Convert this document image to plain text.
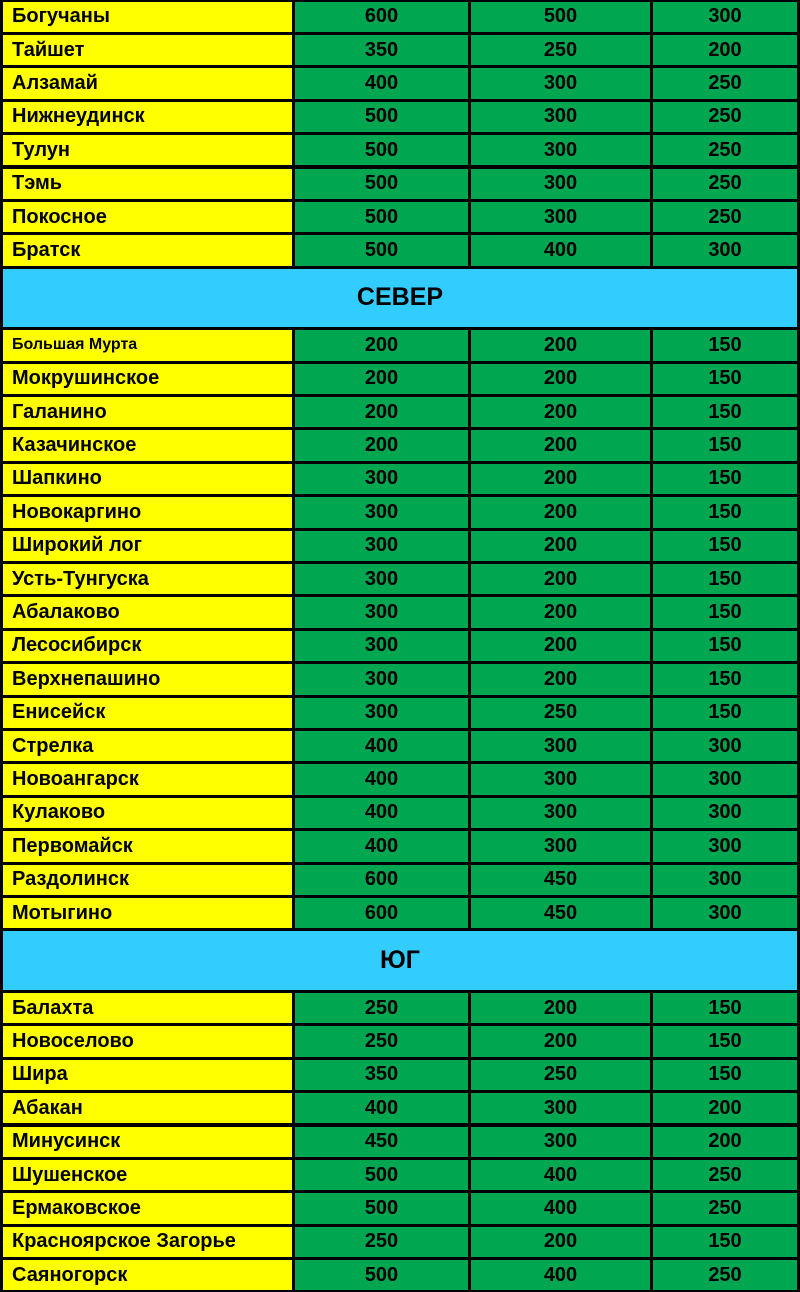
Богучаны	600	500	300
Тайшет	350	250	200
Алзамай	400	300	250
Нижнеудинск	500	300	250
Тулун	500	300	250
Тэмь	500	300	250
Покосное	500	300	250
Братск	500	400	300
СЕВЕР
Большая Мурта	200	200	150
Мокрушинское	200	200	150
Галанино	200	200	150
Казачинское	200	200	150
Шапкино	300	200	150
Новокаргино	300	200	150
Широкий лог	300	200	150
Усть-Тунгуска	300	200	150
Абалаково	300	200	150
Лесосибирск	300	200	150
Верхнепашино	300	200	150
Енисейск	300	250	150
Стрелка	400	300	300
Новоангарск	400	300	300
Кулаково	400	300	300
Первомайск	400	300	300
Раздолинск	600	450	300
Мотыгино	600	450	300
ЮГ
Балахта	250	200	150
Новоселово	250	200	150
Шира	350	250	150
Абакан	400	300	200
Минусинск	450	300	200
Шушенское	500	400	250
Ермаковское	500	400	250
Красноярское Загорье	250	200	150
Саяногорск	500	400	250
